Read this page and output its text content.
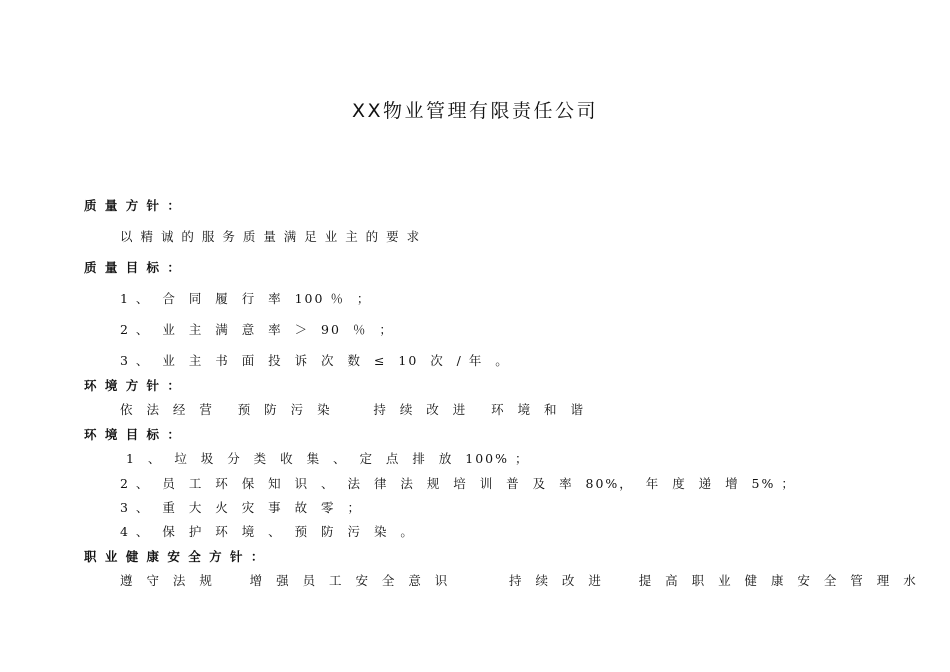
XX物业管理有限责任公司
质 量 方 针 ：
以 精 诚 的 服 务 质 量 满 足 业 主 的 要 求
质 量 目 标 ：
1 、  合  同  履  行  率  100 ％  ；
2 、  业  主  满  意  率  ＞  90  ％  ；
3 、  业  主  书  面  投  诉  次  数  ≤  10  次  / 年  。
环 境 方 针 ：
依  法  经  营    预  防  污  染       持  续  改  进    环  境  和  谐
环 境 目 标 ：
1  、  垃  圾  分  类  收  集  、  定  点  排  放  100% ；
2 、  员  工  环  保  知  识  、  法  律  法  规  培  训  普  及  率  80%，  年  度  递  增  5% ；
3 、  重  大  火  灾  事  故  零  ；
4 、  保  护  环  境  、  预  防  污  染  。
职 业 健 康 安 全 方 针 ：
遵  守  法  规      增  强  员  工  安  全  意  识          持  续  改  进      提  高  职  业  健  康  安  全  管  理  水
